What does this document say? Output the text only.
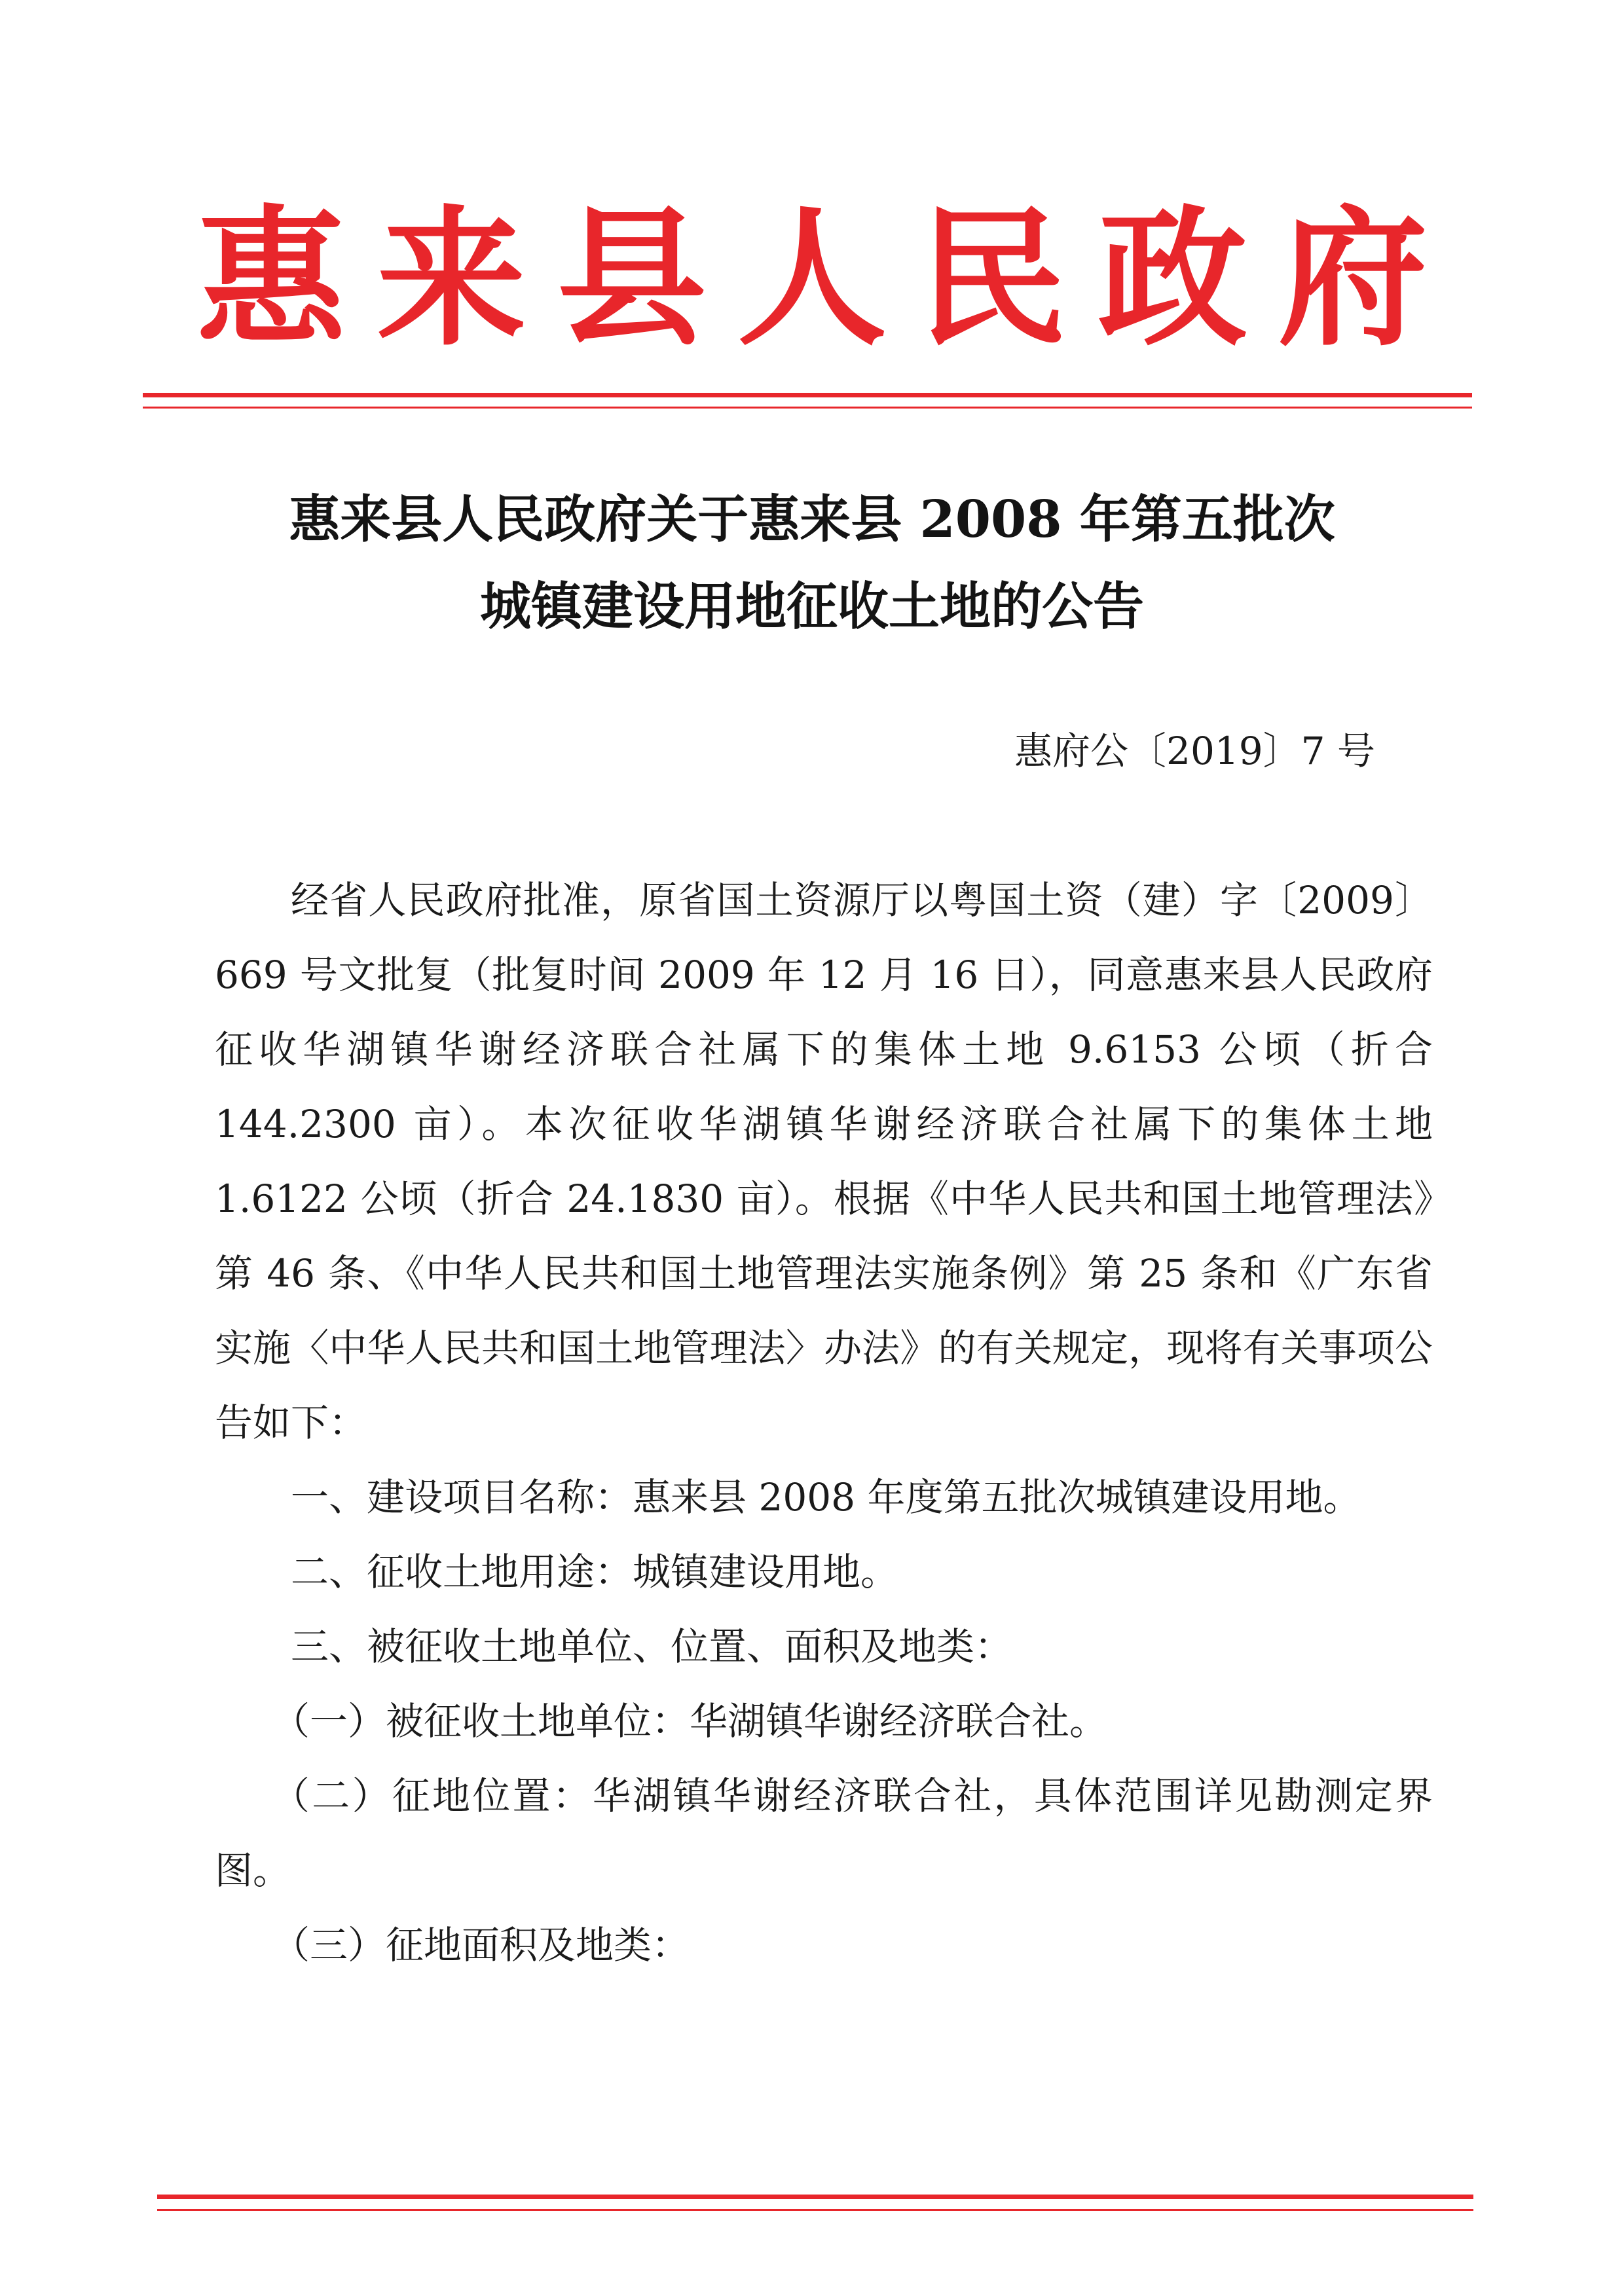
惠 来 县 人 民 政 府
惠来县人民政府关于惠来县 2008 年第五批次
城镇建设用地征收土地的公告
惠府公〔2019〕7 号

经省人民政府批准，原省国土资源厅以粤国土资（建）字〔2009〕669 号文批复（批复时间 2009 年 12 月 16 日），同意惠来县人民政府征收华湖镇华谢经济联合社属下的集体土地 9.6153 公顷（折合 144.2300 亩）。本次征收华湖镇华谢经济联合社属下的集体土地 1.6122 公顷（折合 24.1830 亩）。根据《中华人民共和国土地管理法》第 46 条、《中华人民共和国土地管理法实施条例》第 25 条和《广东省实施〈中华人民共和国土地管理法〉办法》的有关规定，现将有关事项公告如下：

一、建设项目名称：惠来县 2008 年度第五批次城镇建设用地。

二、征收土地用途：城镇建设用地。

三、被征收土地单位、位置、面积及地类：

（一）被征收土地单位：华湖镇华谢经济联合社。

（二）征地位置：华湖镇华谢经济联合社，具体范围详见勘测定界图。

（三）征地面积及地类：
